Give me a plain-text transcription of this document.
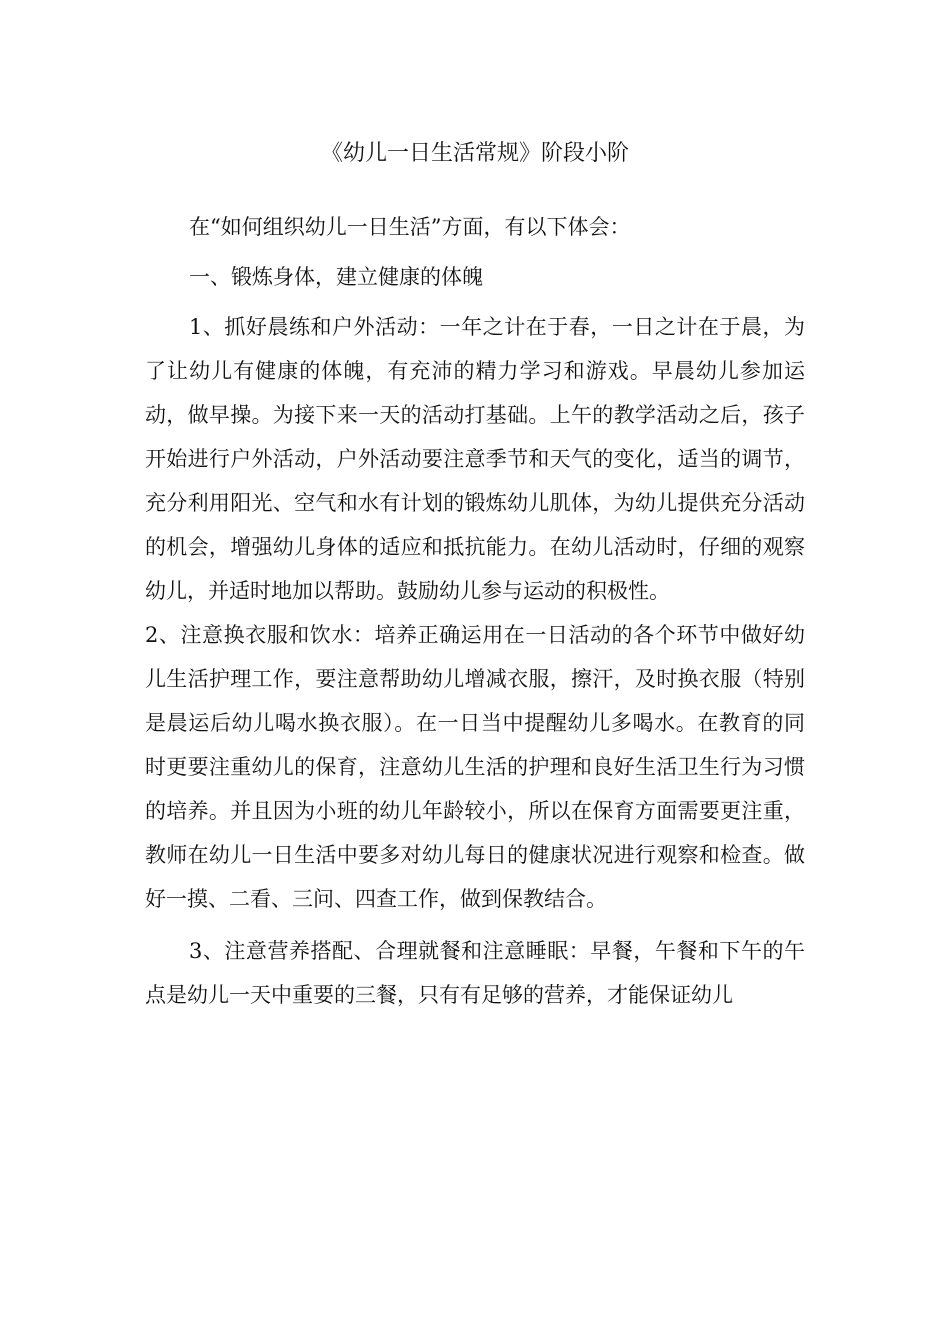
《幼儿一日生活常规》阶段小阶

在“如何组织幼儿一日生活”方面，有以下体会：

一、锻炼身体，建立健康的体魄

1、抓好晨练和户外活动：一年之计在于春，一日之计在于晨，为了让幼儿有健康的体魄，有充沛的精力学习和游戏。早晨幼儿参加运动，做早操。为接下来一天的活动打基础。上午的教学活动之后，孩子开始进行户外活动，户外活动要注意季节和天气的变化，适当的调节，充分利用阳光、空气和水有计划的锻炼幼儿肌体，为幼儿提供充分活动的机会，增强幼儿身体的适应和抵抗能力。在幼儿活动时，仔细的观察幼儿，并适时地加以帮助。鼓励幼儿参与运动的积极性。

2、注意换衣服和饮水：培养正确运用在一日活动的各个环节中做好幼儿生活护理工作，要注意帮助幼儿增减衣服，擦汗，及时换衣服（特别是晨运后幼儿喝水换衣服）。在一日当中提醒幼儿多喝水。在教育的同时更要注重幼儿的保育，注意幼儿生活的护理和良好生活卫生行为习惯的培养。并且因为小班的幼儿年龄较小，所以在保育方面需要更注重，教师在幼儿一日生活中要多对幼儿每日的健康状况进行观察和检查。做好一摸、二看、三问、四查工作，做到保教结合。

3、注意营养搭配、合理就餐和注意睡眠：早餐，午餐和下午的午点是幼儿一天中重要的三餐，只有有足够的营养，才能保证幼儿
